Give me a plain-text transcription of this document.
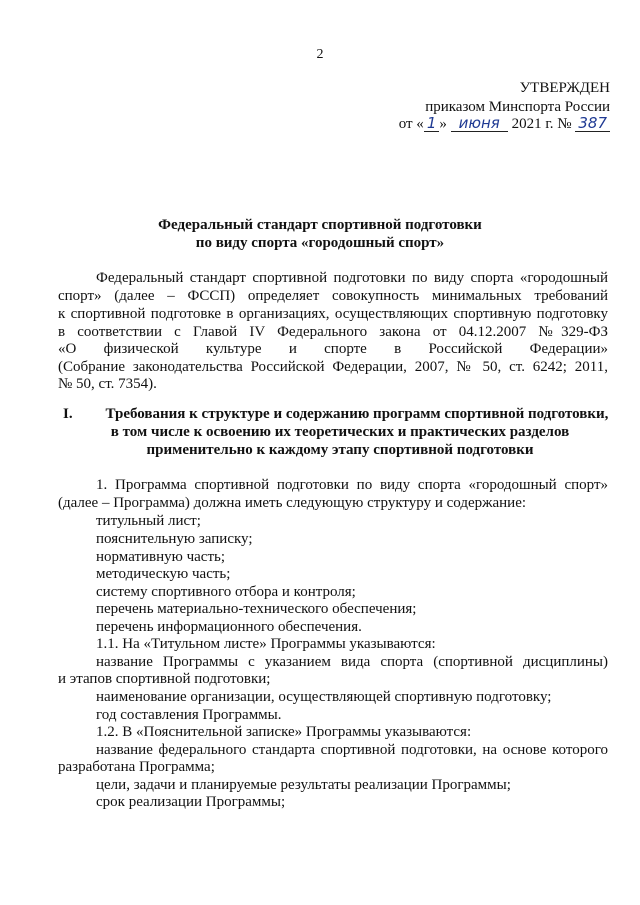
2
УТВЕРЖДЕН
приказом Минспорта России
от « 1 » июня 2021 г. № 387
Федеральный стандарт спортивной подготовки
по виду спорта «городошный спорт»
Федеральный стандарт спортивной подготовки по виду спорта «городошный
спорт» (далее – ФССП) определяет совокупность минимальных требований
к спортивной подготовке в организациях, осуществляющих спортивную подготовку
в соответствии с Главой IV Федерального закона от 04.12.2007 №329-ФЗ
«О физической культуре и спорте в Российской Федерации»
(Собрание законодательства Российской Федерации, 2007, № 50, ст. 6242; 2011,
№ 50, ст. 7354).
I.	Требования к структуре и содержанию программ спортивной подготовки,
в том числе к освоению их теоретических и практических разделов
применительно к каждому этапу спортивной подготовки
1. Программа спортивной подготовки по виду спорта «городошный спорт»
(далее – Программа) должна иметь следующую структуру и содержание:
титульный лист;
пояснительную записку;
нормативную часть;
методическую часть;
систему спортивного отбора и контроля;
перечень материально-технического обеспечения;
перечень информационного обеспечения.
1.1. На «Титульном листе» Программы указываются:
название Программы с указанием вида спорта (спортивной дисциплины)
и этапов спортивной подготовки;
наименование организации, осуществляющей спортивную подготовку;
год составления Программы.
1.2. В «Пояснительной записке» Программы указываются:
название федерального стандарта спортивной подготовки, на основе которого
разработана Программа;
цели, задачи и планируемые результаты реализации Программы;
срок реализации Программы;
